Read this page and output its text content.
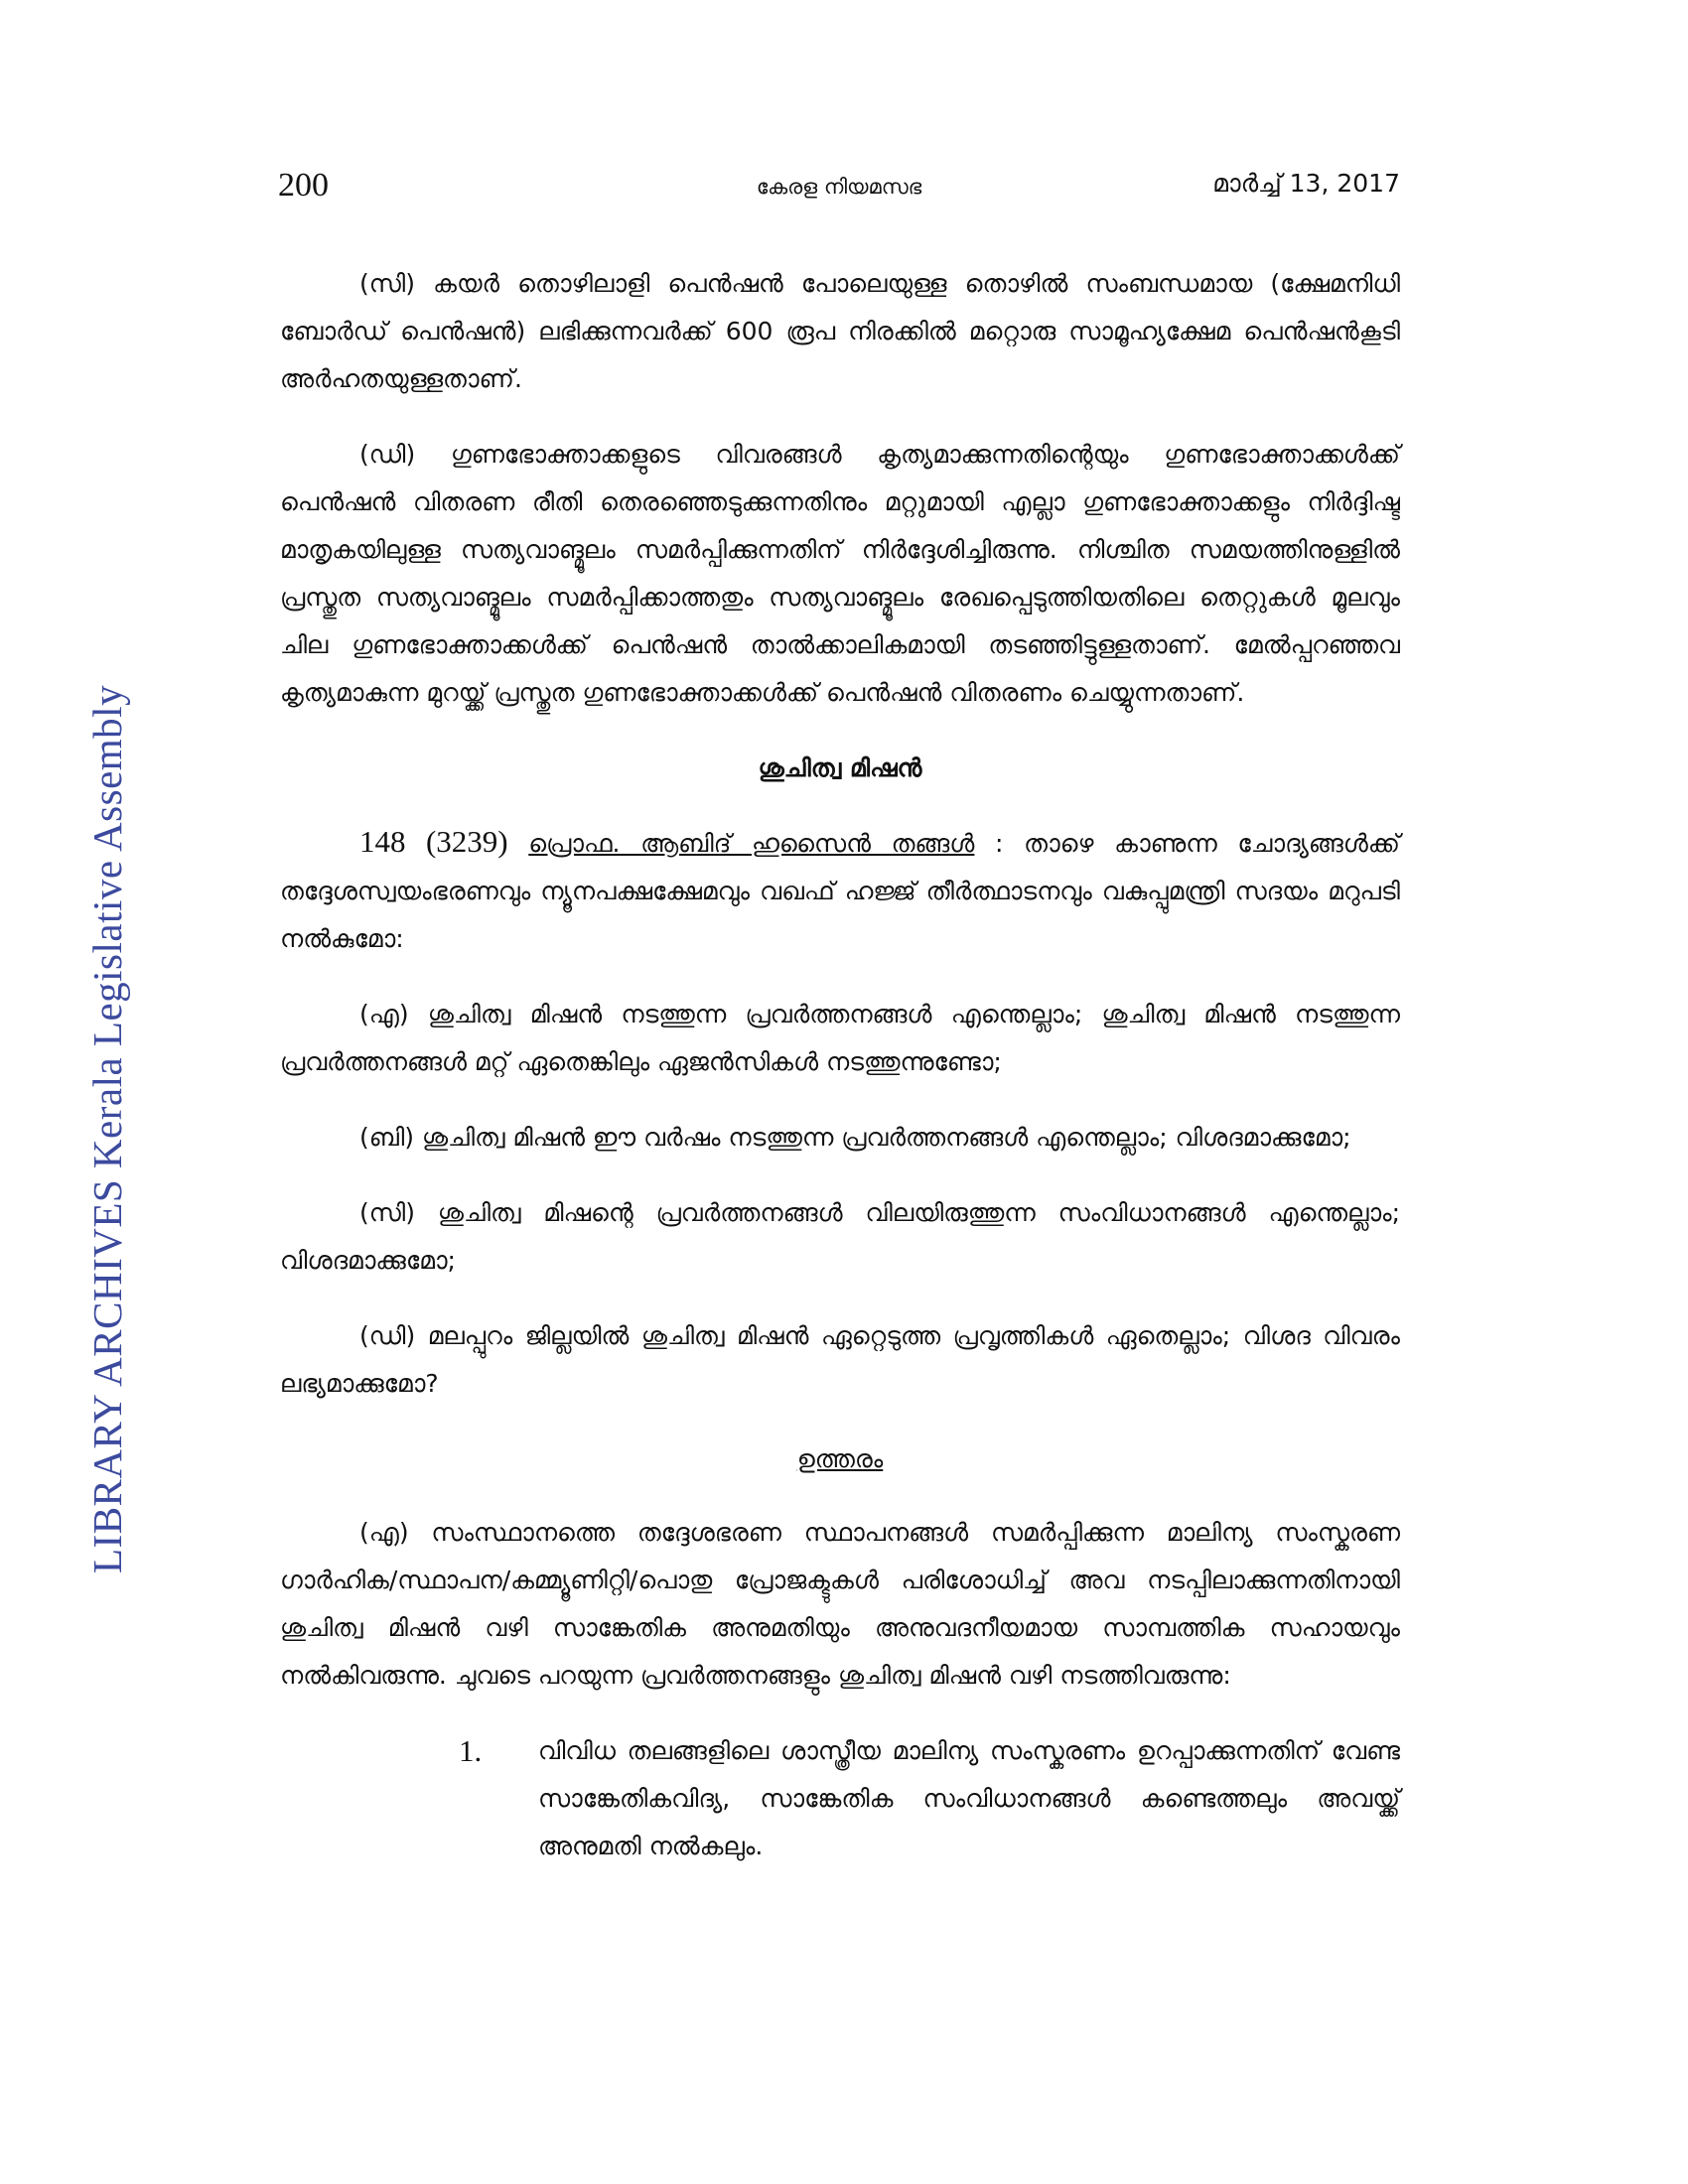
200	കേരള നിയമസഭ	മാർച്ച് 13, 2017
LIBRARY ARCHIVES Kerala Legislative Assembly

(സി) കയർ തൊഴിലാളി പെൻഷൻ പോലെയുള്ള തൊഴിൽ സംബന്ധമായ (ക്ഷേമനിധി ബോർഡ് പെൻഷൻ) ലഭിക്കുന്നവർക്ക് 600 രൂപ നിരക്കിൽ മറ്റൊരു സാമൂഹ്യക്ഷേമ പെൻഷൻകൂടി അർഹതയുള്ളതാണ്.

(ഡി) ഗുണഭോക്താക്കളുടെ വിവരങ്ങൾ കൃത്യമാക്കുന്നതിന്റെയും ഗുണഭോക്താക്കൾക്ക് പെൻഷൻ വിതരണ രീതി തെരഞ്ഞെടുക്കുന്നതിനും മറ്റുമായി എല്ലാ ഗുണഭോക്താക്കളും നിർദ്ദിഷ്ട മാതൃകയിലുള്ള സത്യവാങ്മൂലം സമർപ്പിക്കുന്നതിന് നിർദ്ദേശിച്ചിരുന്നു. നിശ്ചിത സമയത്തിനുള്ളിൽ പ്രസ്തുത സത്യവാങ്മൂലം സമർപ്പിക്കാത്തതും സത്യവാങ്മൂലം രേഖപ്പെടുത്തിയതിലെ തെറ്റുകൾ മൂലവും ചില ഗുണഭോക്താക്കൾക്ക് പെൻഷൻ താൽക്കാലികമായി തടഞ്ഞിട്ടുള്ളതാണ്. മേൽപ്പറഞ്ഞവ കൃത്യമാകുന്ന മുറയ്ക്ക് പ്രസ്തുത ഗുണഭോക്താക്കൾക്ക് പെൻഷൻ വിതരണം ചെയ്യുന്നതാണ്.

ശുചിത്വ മിഷൻ

148 (3239) പ്രൊഫ. ആബിദ് ഹുസൈൻ തങ്ങൾ : താഴെ കാണുന്ന ചോദ്യങ്ങൾക്ക് തദ്ദേശസ്വയംഭരണവും ന്യൂനപക്ഷക്ഷേമവും വഖഫ് ഹജ്ജ് തീർത്ഥാടനവും വകുപ്പുമന്ത്രി സദയം മറുപടി നൽകുമോ:

(എ) ശുചിത്വ മിഷൻ നടത്തുന്ന പ്രവർത്തനങ്ങൾ എന്തെല്ലാം; ശുചിത്വ മിഷൻ നടത്തുന്ന പ്രവർത്തനങ്ങൾ മറ്റ് ഏതെങ്കിലും ഏജൻസികൾ നടത്തുന്നുണ്ടോ;

(ബി) ശുചിത്വ മിഷൻ ഈ വർഷം നടത്തുന്ന പ്രവർത്തനങ്ങൾ എന്തെല്ലാം; വിശദമാക്കുമോ;

(സി) ശുചിത്വ മിഷന്റെ പ്രവർത്തനങ്ങൾ വിലയിരുത്തുന്ന സംവിധാനങ്ങൾ എന്തെല്ലാം; വിശദമാക്കുമോ;

(ഡി) മലപ്പുറം ജില്ലയിൽ ശുചിത്വ മിഷൻ ഏറ്റെടുത്ത പ്രവൃത്തികൾ ഏതെല്ലാം; വിശദ വിവരം ലഭ്യമാക്കുമോ?

ഉത്തരം

(എ) സംസ്ഥാനത്തെ തദ്ദേശഭരണ സ്ഥാപനങ്ങൾ സമർപ്പിക്കുന്ന മാലിന്യ സംസ്കരണ ഗാർഹിക/സ്ഥാപന/കമ്മ്യൂണിറ്റി/പൊതു പ്രോജക്ടുകൾ പരിശോധിച്ച് അവ നടപ്പിലാക്കുന്നതിനായി ശുചിത്വ മിഷൻ വഴി സാങ്കേതിക അനുമതിയും അനുവദനീയമായ സാമ്പത്തിക സഹായവും നൽകിവരുന്നു. ചുവടെ പറയുന്ന പ്രവർത്തനങ്ങളും ശുചിത്വ മിഷൻ വഴി നടത്തിവരുന്നു:

1. വിവിധ തലങ്ങളിലെ ശാസ്ത്രീയ മാലിന്യ സംസ്കരണം ഉറപ്പാക്കുന്നതിന് വേണ്ട സാങ്കേതികവിദ്യ, സാങ്കേതിക സംവിധാനങ്ങൾ കണ്ടെത്തലും അവയ്ക്ക് അനുമതി നൽകലും.
